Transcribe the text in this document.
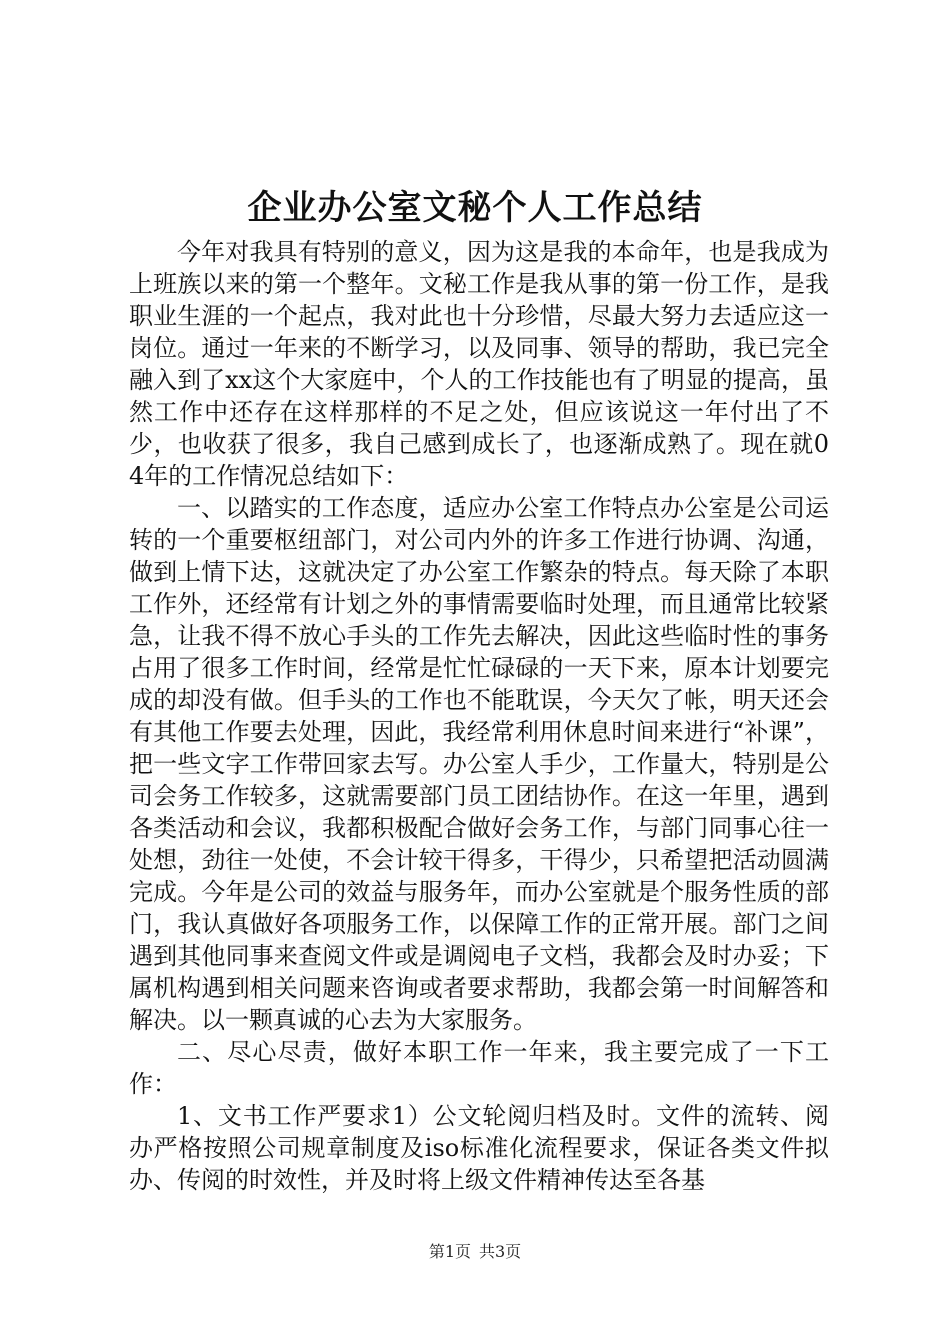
企业办公室文秘个人工作总结

今年对我具有特别的意义，因为这是我的本命年，也是我成为上班族以来的第一个整年。文秘工作是我从事的第一份工作，是我职业生涯的一个起点，我对此也十分珍惜，尽最大努力去适应这一岗位。通过一年来的不断学习，以及同事、领导的帮助，我已完全融入到了xx这个大家庭中，个人的工作技能也有了明显的提高，虽然工作中还存在这样那样的不足之处，但应该说这一年付出了不少，也收获了很多，我自己感到成长了，也逐渐成熟了。现在就04年的工作情况总结如下：

一、以踏实的工作态度，适应办公室工作特点办公室是公司运转的一个重要枢纽部门，对公司内外的许多工作进行协调、沟通，做到上情下达，这就决定了办公室工作繁杂的特点。每天除了本职工作外，还经常有计划之外的事情需要临时处理，而且通常比较紧急，让我不得不放心手头的工作先去解决，因此这些临时性的事务占用了很多工作时间，经常是忙忙碌碌的一天下来，原本计划要完成的却没有做。但手头的工作也不能耽误，今天欠了帐，明天还会有其他工作要去处理，因此，我经常利用休息时间来进行“补课”，把一些文字工作带回家去写。办公室人手少，工作量大，特别是公司会务工作较多，这就需要部门员工团结协作。在这一年里，遇到各类活动和会议，我都积极配合做好会务工作，与部门同事心往一处想，劲往一处使，不会计较干得多，干得少，只希望把活动圆满完成。今年是公司的效益与服务年，而办公室就是个服务性质的部门，我认真做好各项服务工作，以保障工作的正常开展。部门之间遇到其他同事来查阅文件或是调阅电子文档，我都会及时办妥；下属机构遇到相关问题来咨询或者要求帮助，我都会第一时间解答和解决。以一颗真诚的心去为大家服务。

二、尽心尽责，做好本职工作一年来，我主要完成了一下工作：

1、文书工作严要求1）公文轮阅归档及时。文件的流转、阅办严格按照公司规章制度及iso标准化流程要求，保证各类文件拟办、传阅的时效性，并及时将上级文件精神传达至各基

第1页 共3页
